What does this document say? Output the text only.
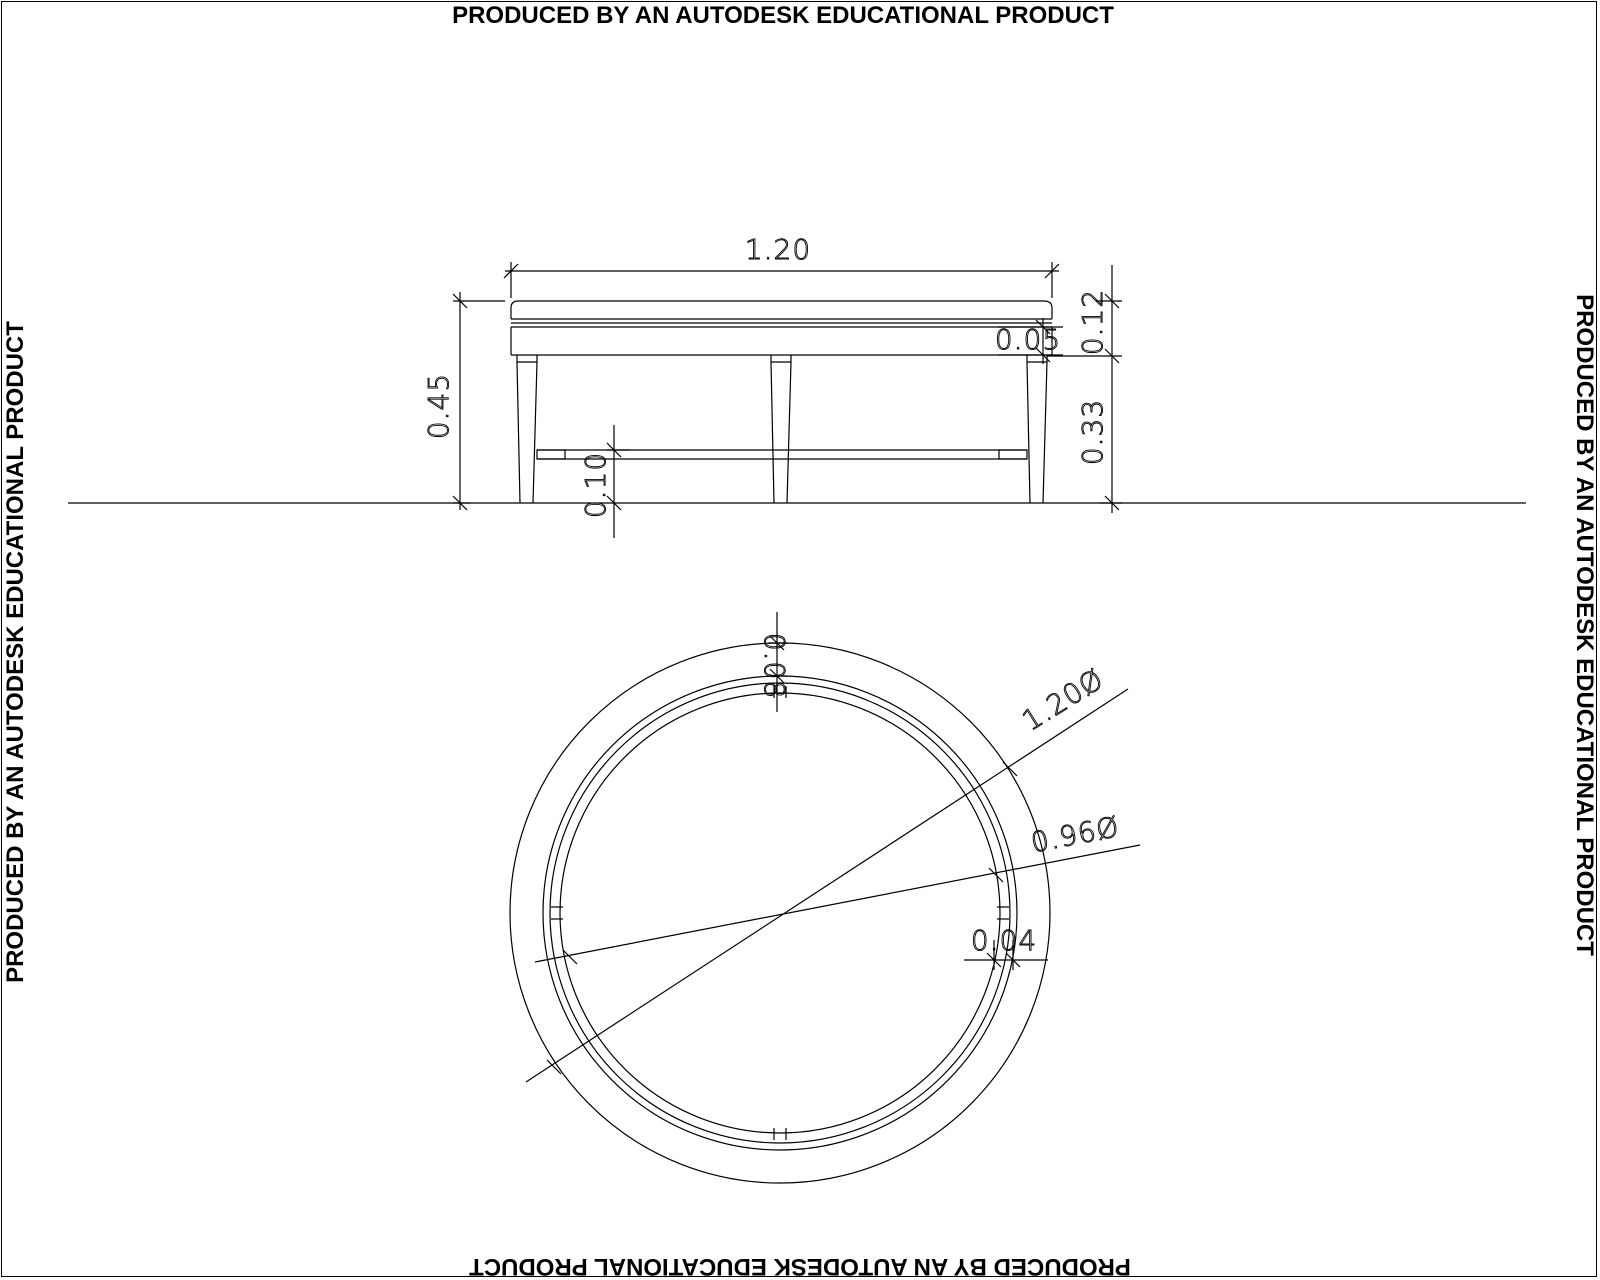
PRODUCED BY AN AUTODESK EDUCATIONAL PRODUCT
PRODUCED BY AN AUTODESK EDUCATIONAL PRODUCT
PRODUCED BY AN AUTODESK EDUCATIONAL PRODUCT	PRODUCED BY AN AUTODESK EDUCATIONAL PRODUCT
1.20
0.45
0.12
0.05
0.33
0.10
1.20Ø
0.96Ø
0.08
0.04
